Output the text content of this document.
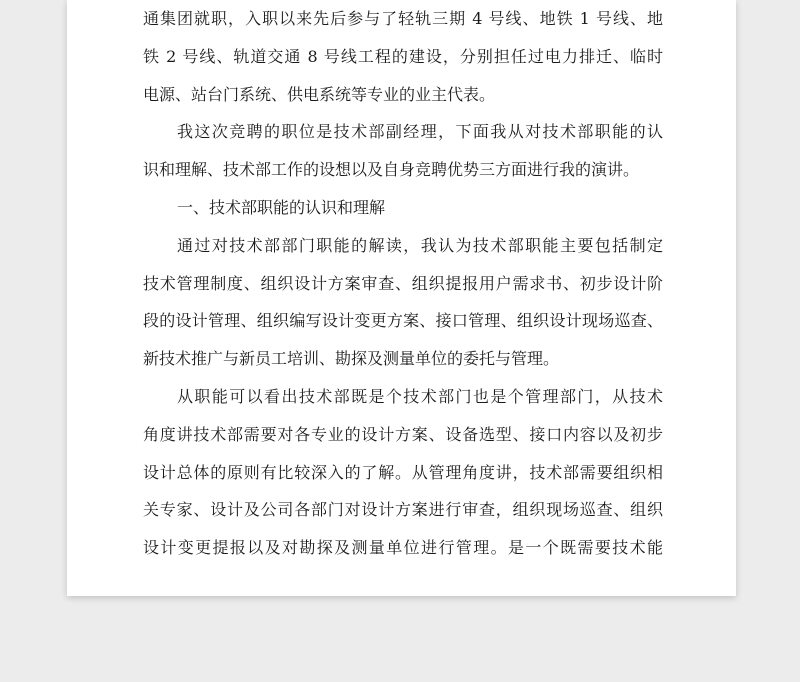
通集团就职，入职以来先后参与了轻轨三期 4 号线、地铁 1 号线、地
铁 2 号线、轨道交通 8 号线工程的建设，分别担任过电力排迁、临时
电源、站台门系统、供电系统等专业的业主代表。
我这次竞聘的职位是技术部副经理，下面我从对技术部职能的认
识和理解、技术部工作的设想以及自身竞聘优势三方面进行我的演讲。
一、技术部职能的认识和理解
通过对技术部部门职能的解读，我认为技术部职能主要包括制定
技术管理制度、组织设计方案审查、组织提报用户需求书、初步设计阶
段的设计管理、组织编写设计变更方案、接口管理、组织设计现场巡查、
新技术推广与新员工培训、勘探及测量单位的委托与管理。
从职能可以看出技术部既是个技术部门也是个管理部门，从技术
角度讲技术部需要对各专业的设计方案、设备选型、接口内容以及初步
设计总体的原则有比较深入的了解。从管理角度讲，技术部需要组织相
关专家、设计及公司各部门对设计方案进行审查，组织现场巡查、组织
设计变更提报以及对勘探及测量单位进行管理。是一个既需要技术能
